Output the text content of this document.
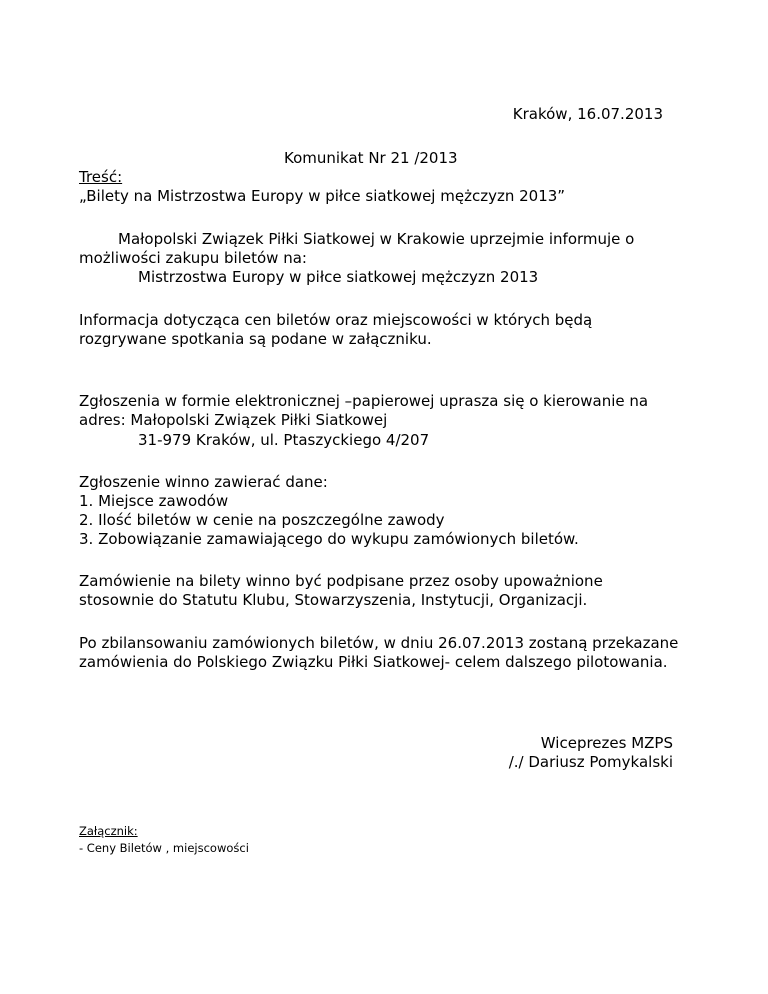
Kraków, 16.07.2013

Komunikat Nr 21 /2013

Treść:

„Bilety na Mistrzostwa Europy w piłce siatkowej mężczyzn 2013”

Małopolski Związek Piłki Siatkowej w Krakowie uprzejmie informuje o

możliwości zakupu biletów na:

Mistrzostwa Europy w piłce siatkowej mężczyzn 2013

Informacja dotycząca cen biletów oraz miejscowości w których będą

rozgrywane spotkania są podane w załączniku.

Zgłoszenia w formie elektronicznej –papierowej uprasza się o kierowanie na

adres: Małopolski Związek Piłki Siatkowej

31-979 Kraków, ul. Ptaszyckiego 4/207

Zgłoszenie winno zawierać dane:

1. Miejsce zawodów

2. Ilość biletów w cenie na poszczególne zawody

3. Zobowiązanie zamawiającego do wykupu zamówionych biletów.

Zamówienie na bilety winno być podpisane przez osoby upoważnione

stosownie do Statutu Klubu, Stowarzyszenia, Instytucji, Organizacji.

Po zbilansowaniu zamówionych biletów, w dniu 26.07.2013 zostaną przekazane

zamówienia do Polskiego Związku Piłki Siatkowej- celem dalszego pilotowania.

Wiceprezes MZPS

/./ Dariusz Pomykalski

Załącznik:

- Ceny Biletów , miejscowości
